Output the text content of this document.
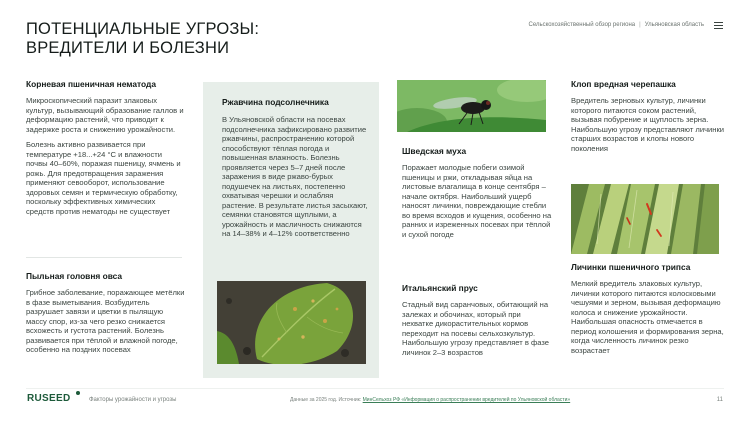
ПОТЕНЦИАЛЬНЫЕ УГРОЗЫ:
ВРЕДИТЕЛИ И БОЛЕЗНИ
Сельскохозяйственный обзор региона | Ульяновская область
Корневая пшеничная нематода
Микроскопический паразит злаковых культур, вызывающий образование галлов и деформацию растений, что приводит к задержке роста и снижению урожайности.
Болезнь активно развивается при температуре +18...+24 °C и влажности почвы 40–60%, поражая пшеницу, ячмень и рожь. Для предотвращения заражения применяют севооборот, использование здоровых семян и термическую обработку, поскольку эффективных химических средств против нематоды не существует
Пыльная головня овса
Грибное заболевание, поражающее метёлки в фазе выметывания. Возбудитель разрушает завязи и цветки в пылящую массу спор, из-за чего резко снижается всхожесть и густота растений. Болезнь развивается при тёплой и влажной погоде, особенно на поздних посевах
Ржавчина подсолнечника
В Ульяновской области на посевах подсолнечника зафиксировано развитие ржавчины, распространению которой способствуют тёплая погода и повышенная влажность. Болезнь проявляется через 5–7 дней после заражения в виде ржаво-бурых подушечек на листьях, постепенно охватывая черешки и ослабляя растение. В результате листья засыхают, семянки становятся щуплыми, а урожайность и масличность снижаются на 14–38% и 4–12% соответственно
Шведская муха
Поражает молодые побеги озимой пшеницы и ржи, откладывая яйца на листовые влагалища в конце сентября – начале октября. Наибольший ущерб наносят личинки, повреждающие стебли во время всходов и кущения, особенно на ранних и изреженных посевах при тёплой и сухой погоде
Итальянский прус
Стадный вид саранчовых, обитающий на залежах и обочинах, который при нехватке дикорастительных кормов переходит на посевы сельхозкультур. Наибольшую угрозу представляет в фазе личинок 2–3 возрастов
Клоп вредная черепашка
Вредитель зерновых культур, личинки которого питаются соком растений, вызывая побурение и щуплость зерна. Наибольшую угрозу представляют личинки старших возрастов и клопы нового поколения
Личинки пшеничного трипса
Мелкий вредитель злаковых культур, личинки которого питаются колосковыми чешуями и зерном, вызывая деформацию колоса и снижение урожайности. Наибольшая опасность отмечается в период колошения и формирования зерна, когда численность личинок резко возрастает
RUSEED	Факторы урожайности и угрозы	Данные за 2025 год. Источник: МинСельхоз РФ «Информация о распространении вредителей по Ульяновской области»	11
